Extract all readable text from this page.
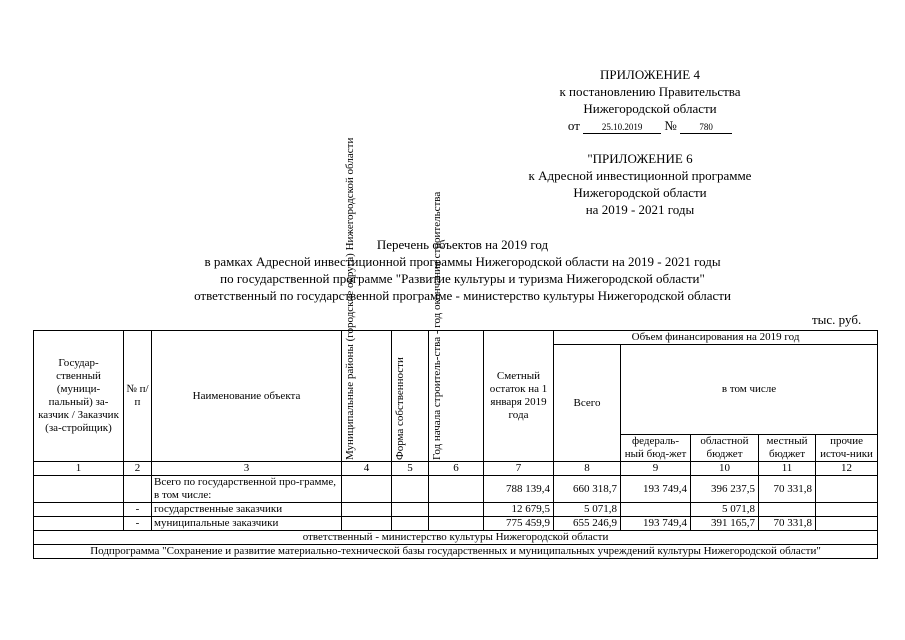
ПРИЛОЖЕНИЕ 4
к постановлению Правительства
Нижегородской области
от 25.10.2019 №	780
"ПРИЛОЖЕНИЕ 6
к Адресной инвестиционной программе
Нижегородской области
на 2019 - 2021 годы
Перечень объектов на 2019 год
в рамках Адресной инвестиционной программы Нижегородской области на 2019 - 2021 годы
по государственной программе "Развитие культуры и туризма Нижегородской области"
ответственный по государственной программе - министерство культуры Нижегородской области
тыс. руб.
Государ-ственный (муници-пальный) за-казчик / Заказчик (за-стройщик)	№ п/п	Наименование объекта	Муниципальные районы (городские округа) Нижегородской области	Форма собственности	Год начала строитель-ства - год окончания строительства	Сметный остаток на 1 января 2019 года	Объем финансирования на 2019 год				
							Всего	в том числе			
								федераль-ный бюд-жет	областной бюджет	местный бюджет	прочие источ-ники
1	2	3	4	5	6	7	8	9	10	11	12
		Всего по государственной про-грамме, в том числе:				788 139,4	660 318,7	193 749,4	396 237,5	70 331,8	
	-	государственные заказчики				12 679,5	5 071,8		5 071,8		
	-	муниципальные заказчики				775 459,9	655 246,9	193 749,4	391 165,7	70 331,8	
ответственный - министерство культуры Нижегородской области											
Подпрограмма "Сохранение и развитие материально-технической базы государственных и муниципальных учреждений культуры Нижегородской области"											
